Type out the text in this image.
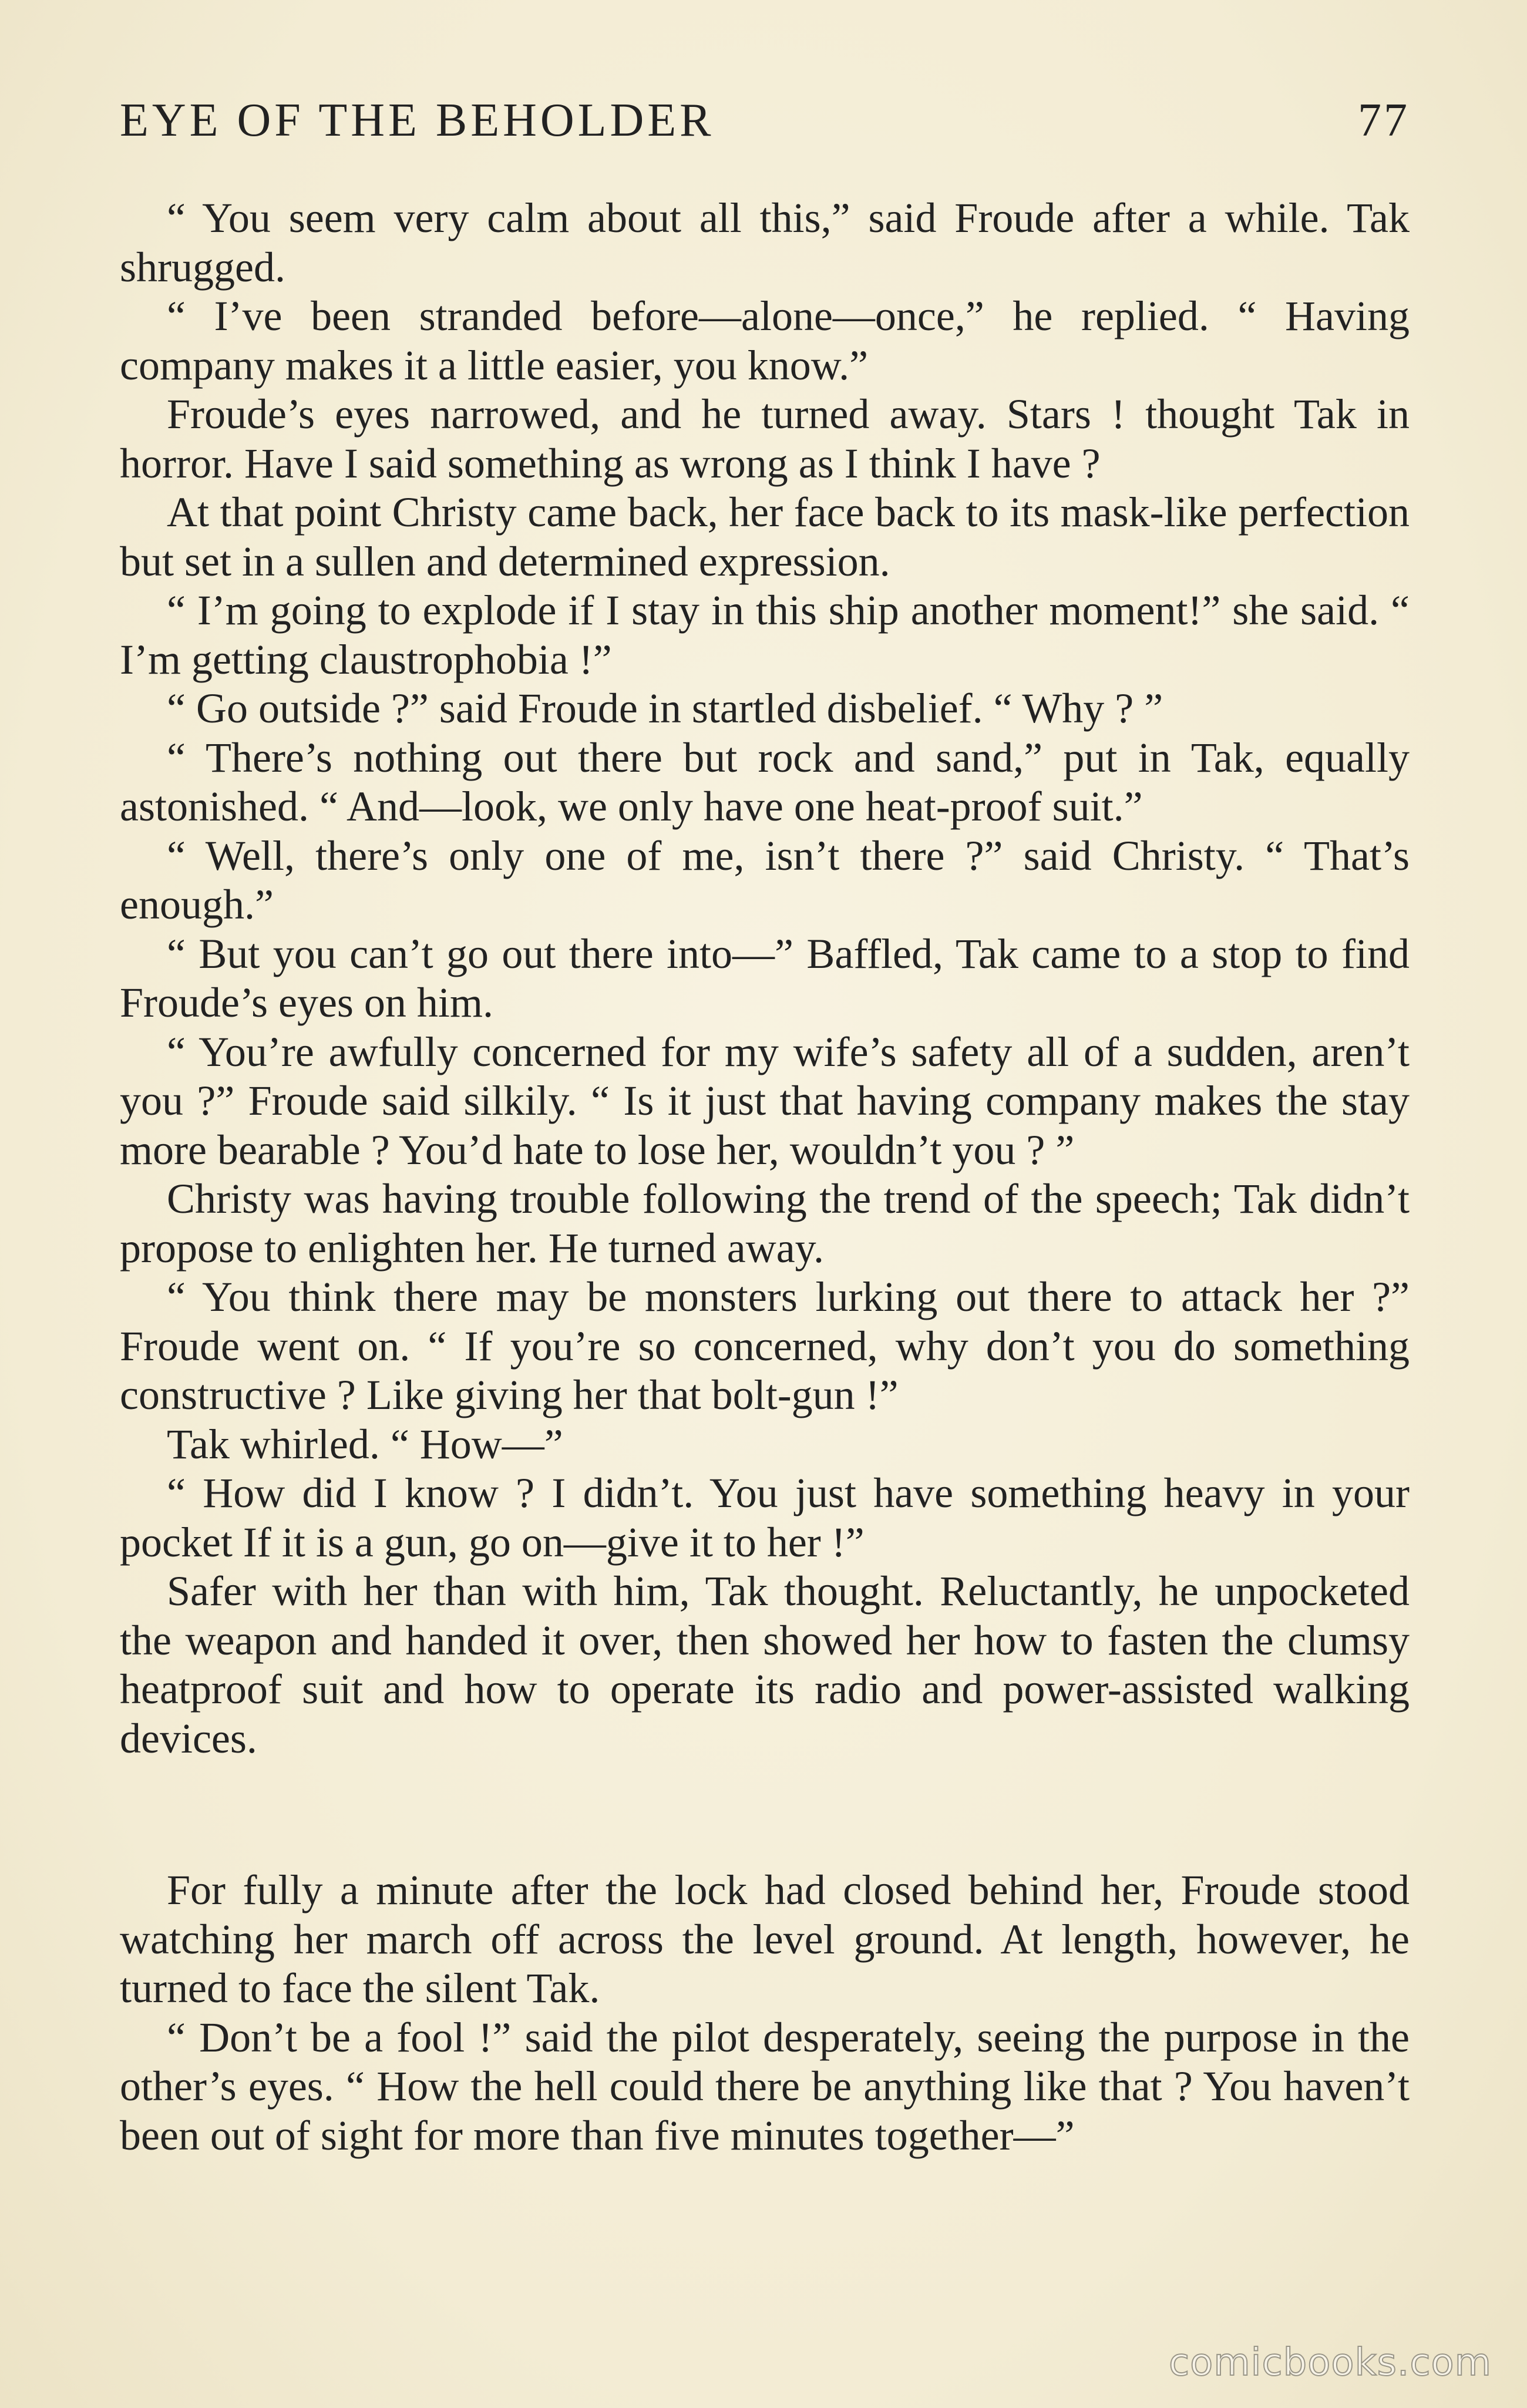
EYE OF THE BEHOLDER	77

“ You seem very calm about all this,” said Froude after a while. Tak shrugged.

“ I’ve been stranded before—alone—once,” he replied. “ Having company makes it a little easier, you know.”

Froude’s eyes narrowed, and he turned away. Stars ! thought Tak in horror. Have I said something as wrong as I think I have ?

At that point Christy came back, her face back to its mask-like perfection but set in a sullen and determined expression.

“ I’m going to explode if I stay in this ship another moment!” she said. “ I’m getting claustrophobia !”

“ Go outside ?” said Froude in startled disbelief. “ Why ? ”

“ There’s nothing out there but rock and sand,” put in Tak, equally astonished. “ And—look, we only have one heat-proof suit.”

“ Well, there’s only one of me, isn’t there ?” said Christy. “ That’s enough.”

“ But you can’t go out there into—” Baffled, Tak came to a stop to find Froude’s eyes on him.

“ You’re awfully concerned for my wife’s safety all of a sudden, aren’t you ?” Froude said silkily. “ Is it just that having company makes the stay more bearable ? You’d hate to lose her, wouldn’t you ? ”

Christy was having trouble following the trend of the speech; Tak didn’t propose to enlighten her. He turned away.

“ You think there may be monsters lurking out there to attack her ?” Froude went on. “ If you’re so concerned, why don’t you do something constructive ? Like giving her that bolt-gun !”

Tak whirled. “ How—”

“ How did I know ? I didn’t. You just have something heavy in your pocket If it is a gun, go on—give it to her !”

Safer with her than with him, Tak thought. Reluctantly, he unpocketed the weapon and handed it over, then showed her how to fasten the clumsy heatproof suit and how to operate its radio and power-assisted walking devices.

For fully a minute after the lock had closed behind her, Froude stood watching her march off across the level ground. At length, however, he turned to face the silent Tak.

“ Don’t be a fool !” said the pilot desperately, seeing the purpose in the other’s eyes. “ How the hell could there be anything like that ? You haven’t been out of sight for more than five minutes together—”

comicbooks.com
